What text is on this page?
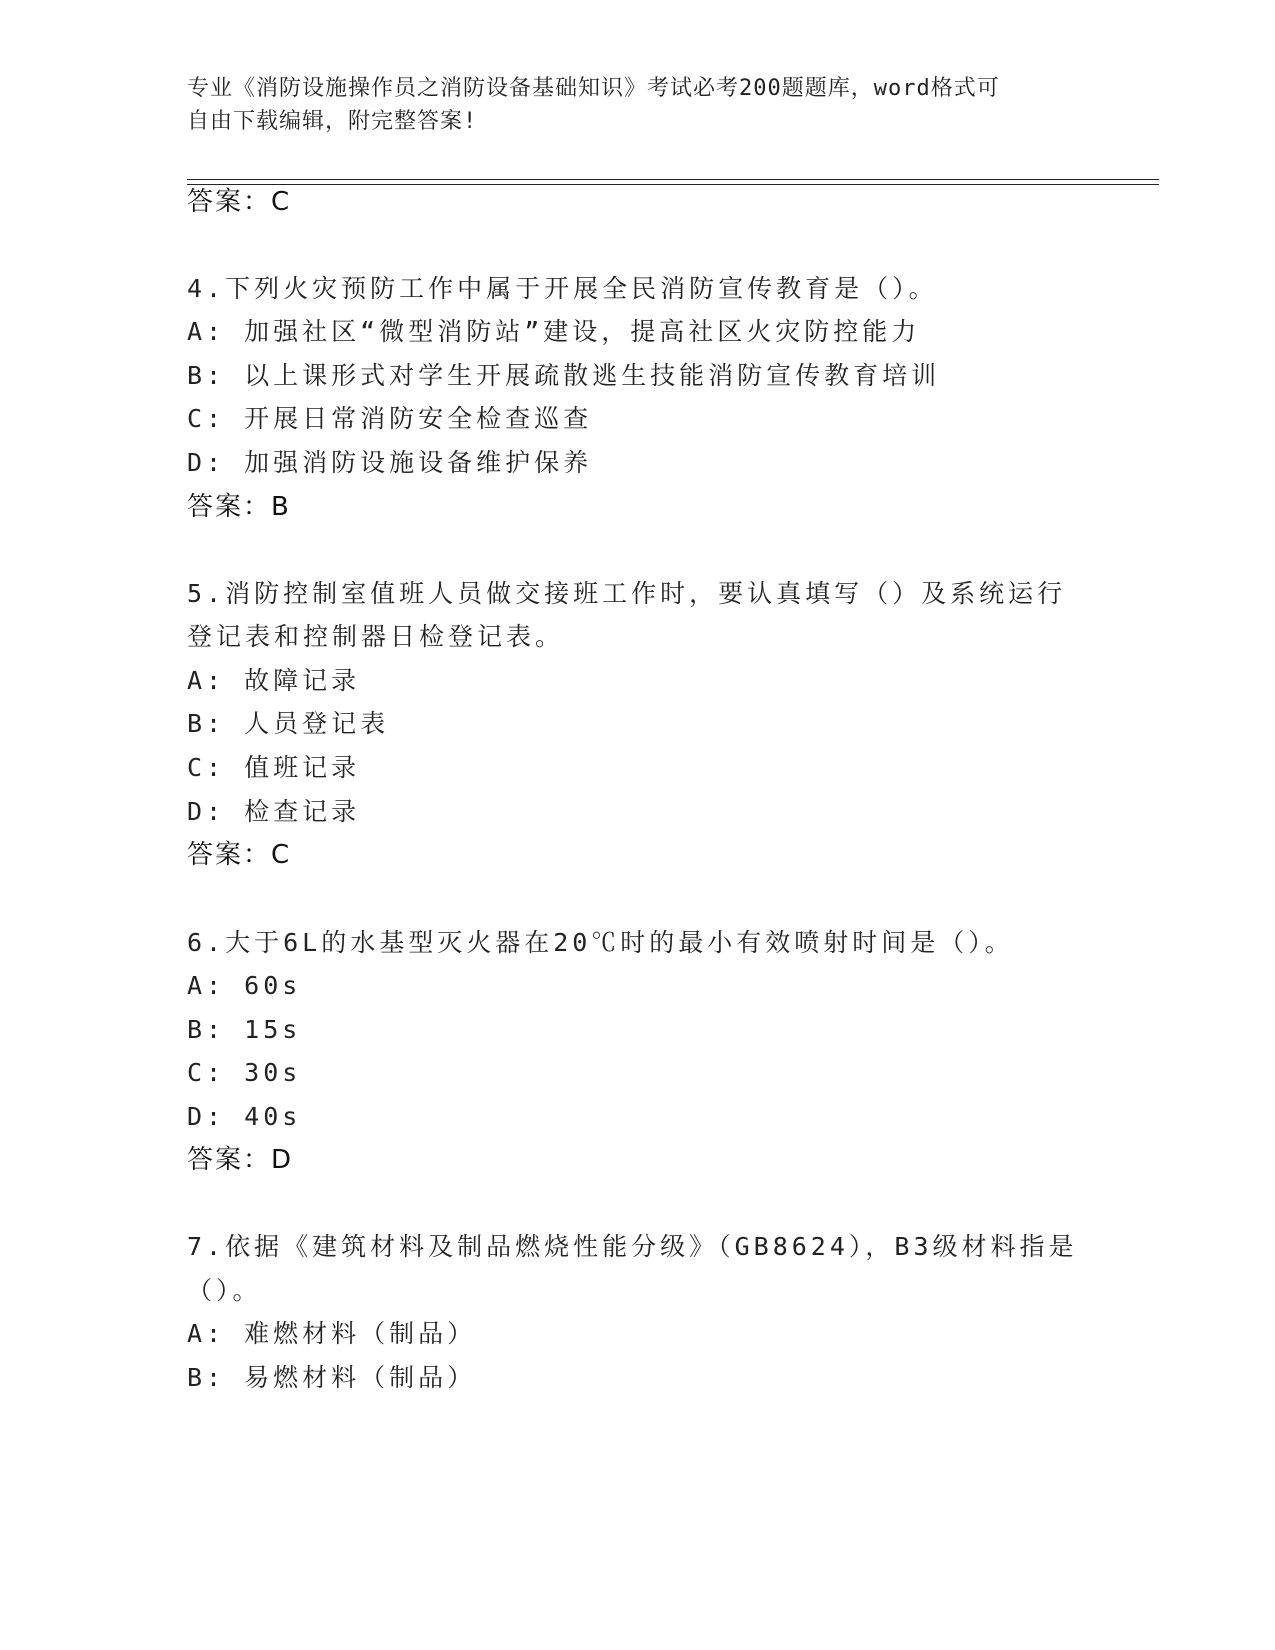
专业《消防设施操作员之消防设备基础知识》考试必考200题题库，word格式可
自由下载编辑，附完整答案!
答案：C
4.下列火灾预防工作中属于开展全民消防宣传教育是（）。
A: 加强社区“微型消防站”建设，提高社区火灾防控能力
B: 以上课形式对学生开展疏散逃生技能消防宣传教育培训
C: 开展日常消防安全检查巡查
D: 加强消防设施设备维护保养
答案：B
5.消防控制室值班人员做交接班工作时，要认真填写（）及系统运行
登记表和控制器日检登记表。
A: 故障记录
B: 人员登记表
C: 值班记录
D: 检查记录
答案：C
6.大于6L的水基型灭火器在20℃时的最小有效喷射时间是（）。
A: 60s
B: 15s
C: 30s
D: 40s
答案：D
7.依据《建筑材料及制品燃烧性能分级》（GB8624），B3级材料指是
（）。
A: 难燃材料（制品）
B: 易燃材料（制品）
